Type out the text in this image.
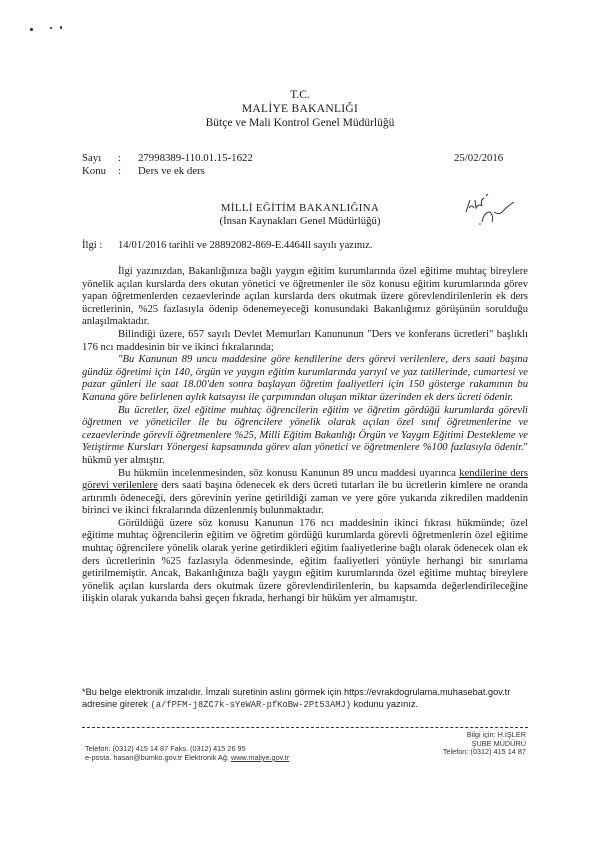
T.C.
MALİYE BAKANLIĞI
Bütçe ve Mali Kontrol Genel Müdürlüğü
Sayı	:	27998389-110.01.15-1622
Konu	:	Ders ve ek ders
25/02/2016
MİLLİ EĞİTİM BAKANLIĞINA
(İnsan Kaynakları Genel Müdürlüğü)
İlgi :	14/01/2016 tarihli ve 28892082-869-E.4464ll sayılı yazınız.

İlgi yazınızdan, Bakanlığınıza bağlı yaygın eğitim kurumlarında özel eğitime muhtaç bireylere yönelik açılan kurslarda ders okutan yönetici ve öğretmenler ile söz konusu eğitim kurumlarında görev yapan öğretmenlerden cezaevlerinde açılan kurslarda ders okutmak üzere görevlendirilenlerin ek ders ücretlerinin, %25 fazlasıyla ödenip ödenemeyeceği konusundaki Bakanlığımız görüşünün sorulduğu anlaşılmaktadır.

Bilindiği üzere, 657 sayılı Devlet Memurları Kanununun "Ders ve konferans ücretleri" başlıklı 176 ncı maddesinin bir ve ikinci fıkralarında;

"Bu Kanunun 89 uncu maddesine göre kendilerine ders görevi verilenlere, ders saati başına gündüz öğretimi için 140, örgün ve yaygın eğitim kurumlarında yarıyıl ve yaz tatillerinde, cumartesi ve pazar günleri ile saat 18.00'den sonra başlayan öğretim faaliyetleri için 150 gösterge rakamının bu Kanuna göre belirlenen aylık katsayısı ile çarpımından oluşan miktar üzerinden ek ders ücreti ödenir.

Bu ücretler, özel eğitime muhtaç öğrencilerin eğitim ve öğretim gördüğü kurumlarda görevli öğretmen ve yöneticiler ile bu öğrencilere yönelik olarak açılan özel sınıf öğretmenlerine ve cezaevlerinde görevli öğretmenlere %25, Milli Eğitim Bakanlığı Örgün ve Yaygın Eğitimi Destekleme ve Yetiştirme Kursları Yönergesi kapsamında görev alan yönetici ve öğretmenlere %100 fazlasıyla ödenir." hükmü yer almıştır.

Bu hükmün incelenmesinden, söz konusu Kanunun 89 uncu maddesi uyarınca kendilerine ders görevi verilenlere ders saati başına ödenecek ek ders ücreti tutarları ile bu ücretlerin kimlere ne oranda artırımlı ödeneceği, ders görevinin yerine getirildiği zaman ve yere göre yukarıda zikredilen maddenin birinci ve ikinci fıkralarında düzenlenmiş bulunmaktadır.

Görüldüğü üzere söz konusu Kanunun 176 ncı maddesinin ikinci fıkrası hükmünde; özel eğitime muhtaç öğrencilerin eğitim ve öğretim gördüğü kurumlarda görevli öğretmenlerin özel eğitime muhtaç öğrencilere yönelik olarak yerine getirdikleri eğitim faaliyetlerine bağlı olarak ödenecek olan ek ders ücretlerinin %25 fazlasıyla ödenmesinde, eğitim faaliyetleri yönüyle herhangi bir sınırlama getirilmemiştir. Ancak, Bakanlığınıza bağlı yaygın eğitim kurumlarında özel eğitime muhtaç bireylere yönelik açılan kurslarda ders okutmak üzere görevlendirilenlerin, bu kapsamda değerlendirileceğine ilişkin olarak yukarıda bahsi geçen fıkrada, herhangi bir hüküm yer almamıştır.

*Bu belge elektronik imzalıdır. İmzalı suretinin aslını görmek için https://evrakdogrulama.muhasebat.gov.tr
adresine girerek (a/fPFM-j8ZC7k-sYeWAR-pfKoBw-2Pt53AMJ) kodunu yazınız.
Telefon: (0312) 415 14 87 Faks. (0312) 415 26 95
e-posta. hasan@bumko.gov.tr Elektronik Ağ: www.maliye.gov.tr
Bilgi için: H.IŞLER
ŞUBE MÜDÜRÜ
Telefon: (0312) 415 14 87
